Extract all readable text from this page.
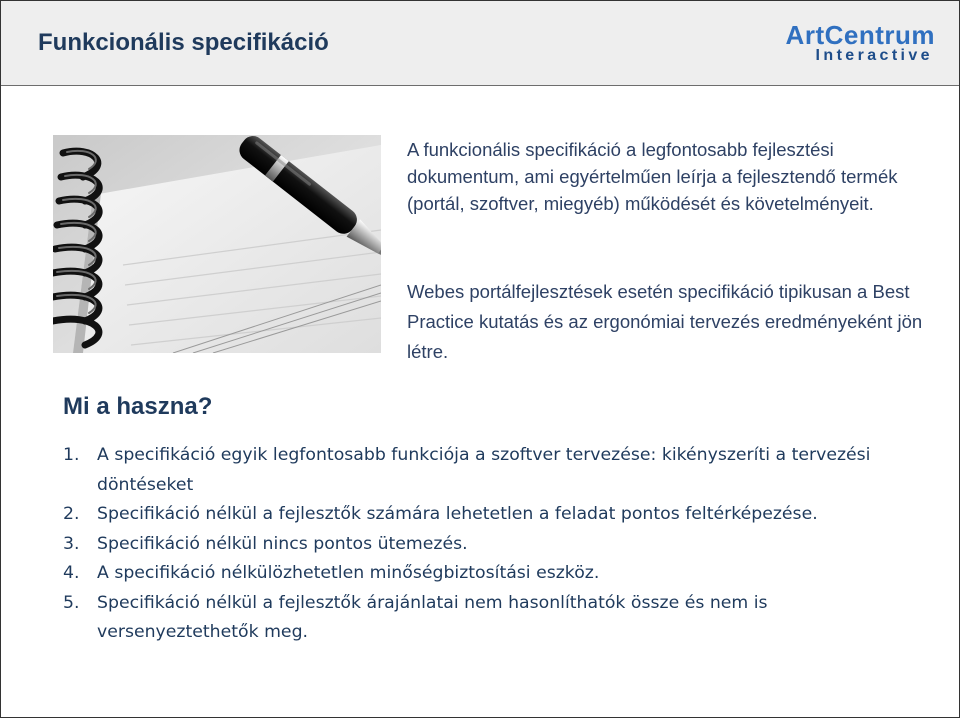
Funkcionális specifikáció	ArtCentrum
Interactive
A funkcionális specifikáció a legfontosabb fejlesztési dokumentum, ami egyértelműen leírja a fejlesztendő termék (portál, szoftver, miegyéb) működését és követelményeit.
Webes portálfejlesztések esetén specifikáció tipikusan a Best Practice kutatás és az ergonómiai tervezés eredményeként jön létre.
Mi a haszna?
1. A specifikáció egyik legfontosabb funkciója a szoftver tervezése: kikényszeríti a tervezési döntéseket
2. Specifikáció nélkül a fejlesztők számára lehetetlen a feladat pontos feltérképezése.
3. Specifikáció nélkül nincs pontos ütemezés.
4. A specifikáció nélkülözhetetlen minőségbiztosítási eszköz.
5. Specifikáció nélkül a fejlesztők árajánlatai nem hasonlíthatók össze és nem is versenyeztethetők meg.
